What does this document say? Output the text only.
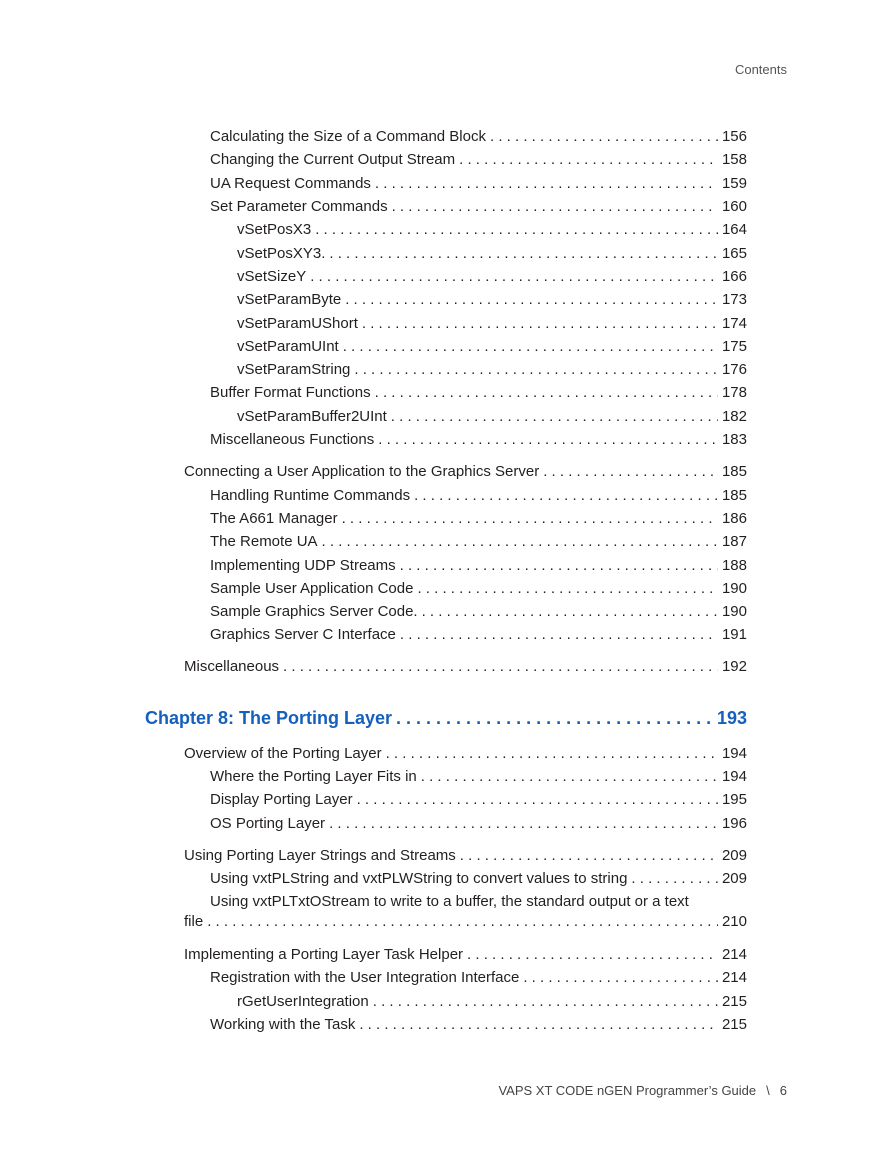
Contents
Calculating the Size of a Command Block . . .	156
Changing the Current Output Stream . . .	158
UA Request Commands . . .	159
Set Parameter Commands . . .	160
vSetPosX3 . . .	164
vSetPosXY3. . . .	165
vSetSizeY . . .	166
vSetParamByte . . .	173
vSetParamUShort . . .	174
vSetParamUInt . . .	175
vSetParamString . . .	176
Buffer Format Functions . . .	178
vSetParamBuffer2UInt . . .	182
Miscellaneous Functions . . .	183
Connecting a User Application to the Graphics Server . . .	185
Handling Runtime Commands . . .	185
The A661 Manager . . .	186
The Remote UA . . .	187
Implementing UDP Streams . . .	188
Sample User Application Code . . .	190
Sample Graphics Server Code. . . .	190
Graphics Server C Interface . . .	191
Miscellaneous . . .	192
Chapter 8: The Porting Layer . . .	193
Overview of the Porting Layer . . .	194
Where the Porting Layer Fits in . . .	194
Display Porting Layer . . .	195
OS Porting Layer . . .	196
Using Porting Layer Strings and Streams . . .	209
Using vxtPLString and vxtPLWString to convert values to string . . .	209
Using vxtPLTxtOStream to write to a buffer, the standard output or a text
file . . .	210
Implementing a Porting Layer Task Helper . . .	214
Registration with the User Integration Interface . . .	214
rGetUserIntegration . . .	215
Working with the Task . . .	215
VAPS XT CODE nGEN Programmer’s Guide \ 6
